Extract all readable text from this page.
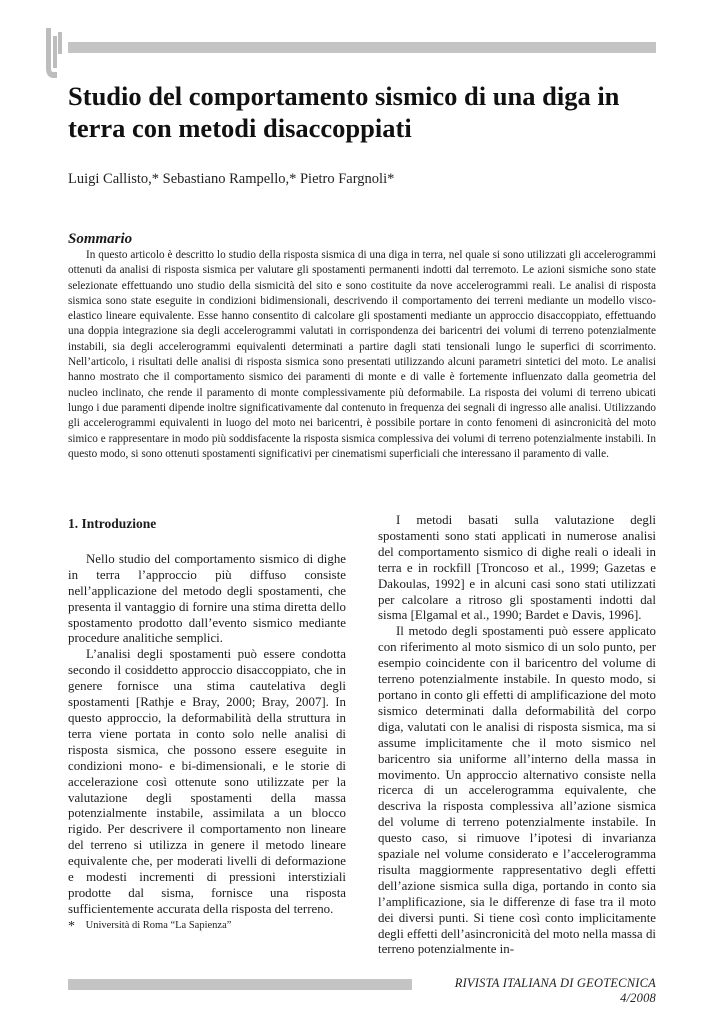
Studio del comportamento sismico di una diga in terra con metodi disaccoppiati
Luigi Callisto,* Sebastiano Rampello,* Pietro Fargnoli*
Sommario

In questo articolo è descritto lo studio della risposta sismica di una diga in terra, nel quale si sono utilizzati gli accelerogrammi ottenuti da analisi di risposta sismica per valutare gli spostamenti permanenti indotti dal terremoto. Le azioni sismiche sono state selezionate effettuando uno studio della sismicità del sito e sono costituite da nove accelerogrammi reali. Le analisi di risposta sismica sono state eseguite in condizioni bidimensionali, descrivendo il comportamento dei terreni mediante un modello visco-elastico lineare equivalente. Esse hanno consentito di calcolare gli spostamenti mediante un approccio disaccoppiato, effettuando una doppia integrazione sia degli accelerogrammi valutati in corrispondenza dei baricentri dei volumi di terreno potenzialmente instabili, sia degli accelerogrammi equivalenti determinati a partire dagli stati tensionali lungo le superfici di scorrimento. Nell’articolo, i risultati delle analisi di risposta sismica sono presentati utilizzando alcuni parametri sintetici del moto. Le analisi hanno mostrato che il comportamento sismico dei paramenti di monte e di valle è fortemente influenzato dalla geometria del nucleo inclinato, che rende il paramento di monte complessivamente più deformabile. La risposta dei volumi di terreno ubicati lungo i due paramenti dipende inoltre significativamente dal contenuto in frequenza dei segnali di ingresso alle analisi. Utilizzando gli accelerogrammi equivalenti in luogo del moto nei baricentri, è possibile portare in conto fenomeni di asincronicità del moto simico e rappresentare in modo più soddisfacente la risposta sismica complessiva dei volumi di terreno potenzialmente instabili. In questo modo, si sono ottenuti spostamenti significativi per cinematismi superficiali che interessano il paramento di valle.

1. Introduzione

Nello studio del comportamento sismico di dighe in terra l’approccio più diffuso consiste nell’applicazione del metodo degli spostamenti, che presenta il vantaggio di fornire una stima diretta dello spostamento prodotto dall’evento sismico mediante procedure analitiche semplici.

L’analisi degli spostamenti può essere condotta secondo il cosiddetto approccio disaccoppiato, che in genere fornisce una stima cautelativa degli spostamenti [Rathje e Bray, 2000; Bray, 2007]. In questo approccio, la deformabilità della struttura in terra viene portata in conto solo nelle analisi di risposta sismica, che possono essere eseguite in condizioni mono- e bi-dimensionali, e le storie di accelerazione così ottenute sono utilizzate per la valutazione degli spostamenti della massa potenzialmente instabile, assimilata a un blocco rigido. Per descrivere il comportamento non lineare del terreno si utilizza in genere il metodo lineare equivalente che, per moderati livelli di deformazione e modesti incrementi di pressioni interstiziali prodotte dal sisma, fornisce una risposta sufficientemente accurata della risposta del terreno.

I metodi basati sulla valutazione degli spostamenti sono stati applicati in numerose analisi del comportamento sismico di dighe reali o ideali in terra e in rockfill [Troncoso et al., 1999; Gazetas e Dakoulas, 1992] e in alcuni casi sono stati utilizzati per calcolare a ritroso gli spostamenti indotti dal sisma [Elgamal et al., 1990; Bardet e Davis, 1996].

Il metodo degli spostamenti può essere applicato con riferimento al moto sismico di un solo punto, per esempio coincidente con il baricentro del volume di terreno potenzialmente instabile. In questo modo, si portano in conto gli effetti di amplificazione del moto sismico determinati dalla deformabilità del corpo diga, valutati con le analisi di risposta sismica, ma si assume implicitamente che il moto sismico nel baricentro sia uniforme all’interno della massa in movimento. Un approccio alternativo consiste nella ricerca di un accelerogramma equivalente, che descriva la risposta complessiva all’azione sismica del volume di terreno potenzialmente instabile. In questo caso, si rimuove l’ipotesi di invarianza spaziale nel volume considerato e l’accelerogramma risulta maggiormente rappresentativo degli effetti dell’azione sismica sulla diga, portando in conto sia l’amplificazione, sia le differenze di fase tra il moto dei diversi punti. Si tiene così conto implicitamente degli effetti dell’asincronicità del moto nella massa di terreno potenzialmente in-

* Università di Roma “La Sapienza”
RIVISTA ITALIANA DI GEOTECNICA 4/2008
